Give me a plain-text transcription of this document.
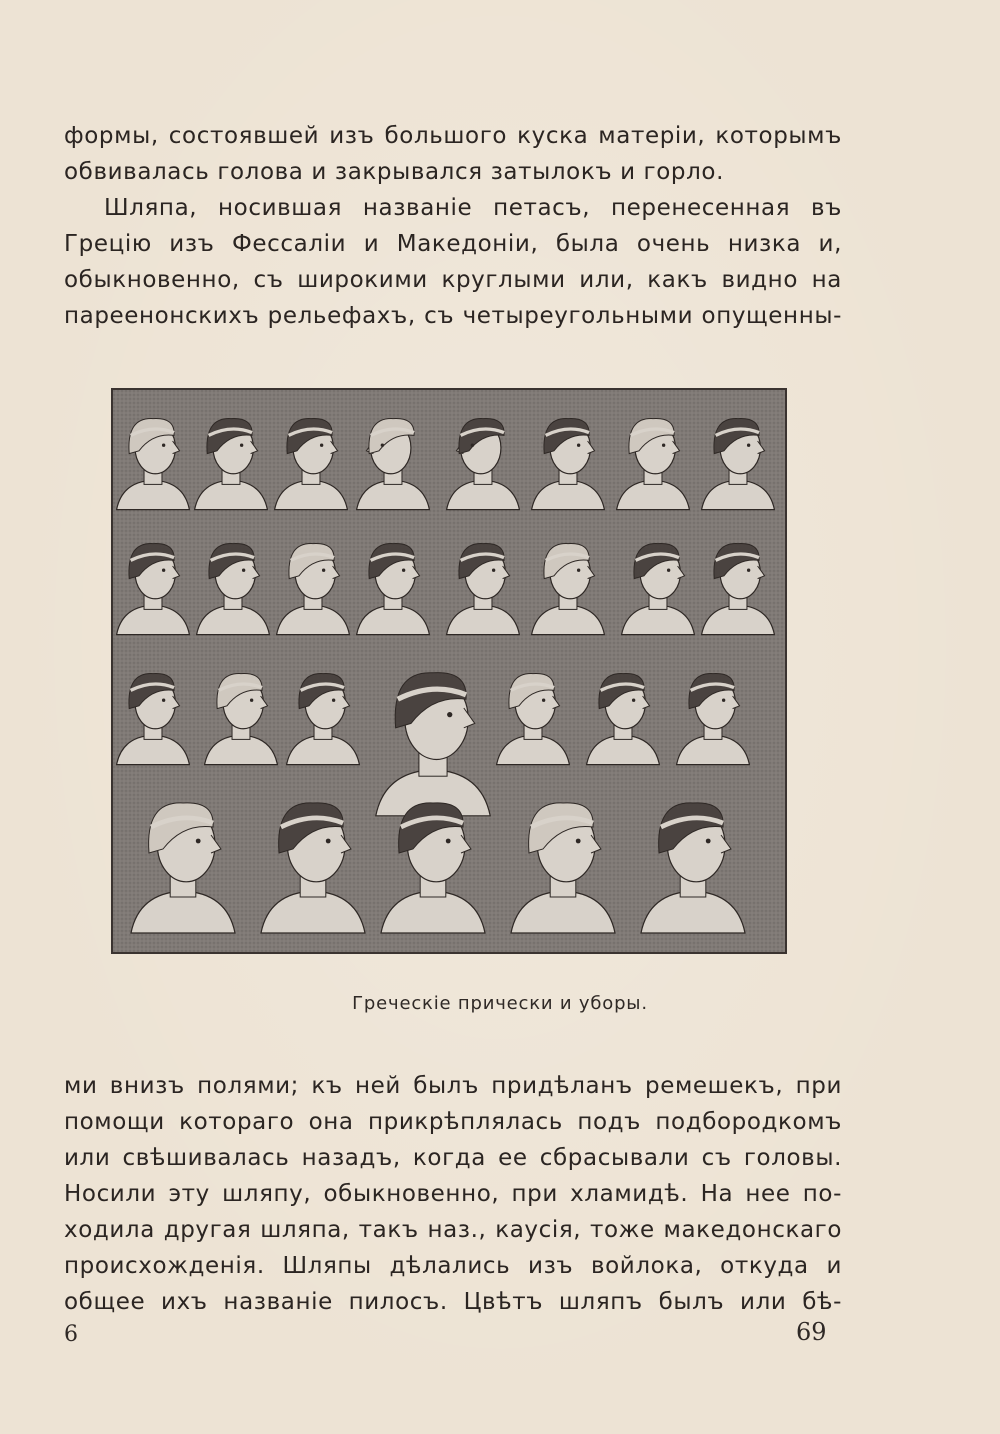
формы, состоявшей изъ большого куска матеріи, которымъ
обвивалась голова и закрывался затылокъ и горло.
Шляпа, носившая названіе петасъ, перенесенная въ
Грецію изъ Фессаліи и Македоніи, была очень низка и,
обыкновенно, съ широкими круглыми или, какъ видно на
пареенонскихъ рельефахъ, съ четыреугольными опущенны-
Греческіе прически и уборы.
ми внизъ полями; къ ней былъ придѣланъ ремешекъ, при
помощи котораго она прикрѣплялась подъ подбородкомъ
или свѣшивалась назадъ, когда ее сбрасывали съ головы.
Носили эту шляпу, обыкновенно, при хламидѣ. На нее по-
ходила другая шляпа, такъ наз., каусія, тоже македонскаго
происхожденія. Шляпы дѣлались изъ войлока, откуда и
общее ихъ названіе пилосъ. Цвѣтъ шляпъ былъ или бѣ-
6	69
